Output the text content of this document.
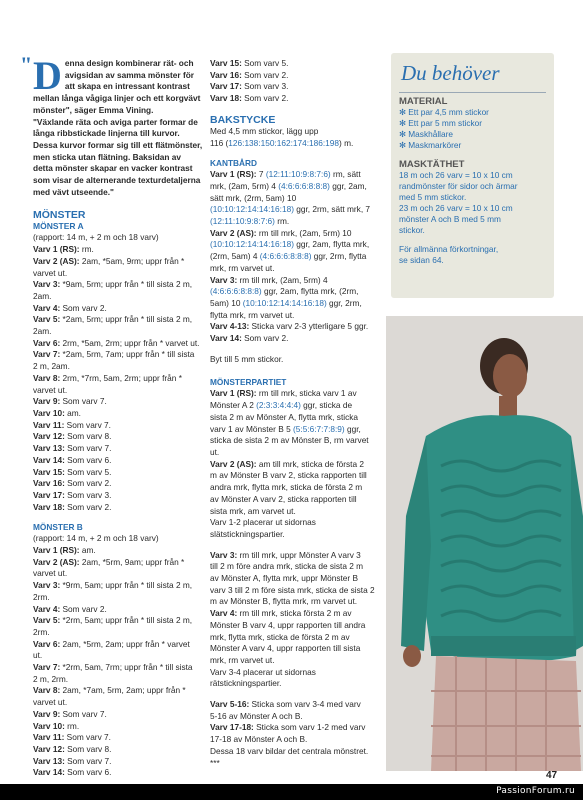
" D enna design kombinerar rät- och

avigsidan av samma mönster för

att skapa en intressant kontrast

mellan långa vågiga linjer och ett korgvävt

mönster", säger Emma Vining.

"Växlande räta och aviga parter formar de

långa ribbstickade linjerna till kurvor.

Dessa kurvor formar sig till ett flätmönster,

men sticka utan flätning. Baksidan av

detta mönster skapar en vacker kontrast

som visar de alternerande texturdetaljerna

med vävt utseende."

MÖNSTER
MÖNSTER A
(rapport: 14 m, + 2 m och 18 varv)
Varv 1 (RS): rm.
Varv 2 (AS): 2am, *5am, 9rm; uppr från *
varvet ut.
Varv 3: *9am, 5rm; uppr från * till sista 2 m,
2am.
Varv 4: Som varv 2.
Varv 5: *2am, 5rm; uppr från * till sista 2 m,
2am.
Varv 6: 2rm, *5am, 2rm; uppr från * varvet ut.
Varv 7: *2am, 5rm, 7am; uppr från * till sista
2 m, 2am.
Varv 8: 2rm, *7rm, 5am, 2rm; uppr från *
varvet ut.
Varv 9: Som varv 7.
Varv 10: am.
Varv 11: Som varv 7.
Varv 12: Som varv 8.
Varv 13: Som varv 7.
Varv 14: Som varv 6.
Varv 15: Som varv 5.
Varv 16: Som varv 2.
Varv 17: Som varv 3.
Varv 18: Som varv 2.
MÖNSTER B
(rapport: 14 m, + 2 m och 18 varv)
Varv 1 (RS): am.
Varv 2 (AS): 2am, *5rm, 9am; uppr från *
varvet ut.
Varv 3: *9rm, 5am; uppr från * till sista 2 m,
2rm.
Varv 4: Som varv 2.
Varv 5: *2rm, 5am; uppr från * till sista 2 m,
2rm.
Varv 6: 2am, *5rm, 2am; uppr från * varvet
ut.
Varv 7: *2rm, 5am, 7rm; uppr från * till sista
2 m, 2rm.
Varv 8: 2am, *7am, 5rm, 2am; uppr från *
varvet ut.
Varv 9: Som varv 7.
Varv 10: rm.
Varv 11: Som varv 7.
Varv 12: Som varv 8.
Varv 13: Som varv 7.
Varv 14: Som varv 6.
Varv 15: Som varv 5.
Varv 16: Som varv 2.
Varv 17: Som varv 3.
Varv 18: Som varv 2.
BAKSTYCKE
Med 4,5 mm stickor, lägg upp
116 (126:138:150:162:174:186:198) m.
KANTBÅRD
Varv 1 (RS): 7 (12:11:10:9:8:7:6) rm, sätt
mrk, (2am, 5rm) 4 (4:6:6:6:8:8:8) ggr, 2am,
sätt mrk, (2rm, 5am) 10
(10:10:12:14:14:16:18) ggr, 2rm, sätt mrk, 7
(12:11:10:9:8:7:6) rm.
Varv 2 (AS): rm till mrk, (2am, 5rm) 10
(10:10:12:14:14:16:18) ggr, 2am, flytta mrk,
(2rm, 5am) 4 (4:6:6:6:8:8:8) ggr, 2rm, flytta
mrk, rm varvet ut.
Varv 3: rm till mrk, (2am, 5rm) 4
(4:6:6:6:8:8:8) ggr, 2am, flytta mrk, (2rm,
5am) 10 (10:10:12:14:14:16:18) ggr, 2rm,
flytta mrk, rm varvet ut.
Varv 4-13: Sticka varv 2-3 ytterligare 5 ggr.
Varv 14: Som varv 2.
Byt till 5 mm stickor.
MÖNSTERPARTIET
Varv 1 (RS): rm till mrk, sticka varv 1 av
Mönster A 2 (2:3:3:4:4:4) ggr, sticka de
sista 2 m av Mönster A, flytta mrk, sticka
varv 1 av Mönster B 5 (5:5:6:7:7:8:9) ggr,
sticka de sista 2 m av Mönster B, rm varvet
ut.
Varv 2 (AS): am till mrk, sticka de första 2
m av Mönster B varv 2, sticka rapporten till
andra mrk, flytta mrk, sticka de första 2 m
av Mönster A varv 2, sticka rapporten till
sista mrk, am varvet ut.
Varv 1-2 placerar ut sidornas
slätstickningspartier.
Varv 3: rm till mrk, uppr Mönster A varv 3
till 2 m före andra mrk, sticka de sista 2 m
av Mönster A, flytta mrk, uppr Mönster B
varv 3 till 2 m före sista mrk, sticka de sista 2
m av Mönster B, flytta mrk, rm varvet ut.
Varv 4: rm till mrk, sticka första 2 m av
Mönster B varv 4, uppr rapporten till andra
mrk, flytta mrk, sticka de första 2 m av
Mönster A varv 4, uppr rapporten till sista
mrk, rm varvet ut.
Varv 3-4 placerar ut sidornas
rätstickningspartier.
Varv 5-16: Sticka som varv 3-4 med varv
5-16 av Mönster A och B.
Varv 17-18: Sticka som varv 1-2 med varv
17-18 av Mönster A och B.
Dessa 18 varv bildar det centrala mönstret.
***
Du behöver

MATERIAL

✻ Ett par 4,5 mm stickor

✻ Ett par 5 mm stickor

✻ Maskhållare

✻ Maskmarkörer

MASKTÄTHET

18 m och 26 varv = 10 x 10 cm

randmönster för sidor och ärmar

med 5 mm stickor.

23 m och 26 varv = 10 x 10 cm

mönster A och B med 5 mm

stickor.

För allmänna förkortningar,

se sidan 64.

47
PassionForum.ru
